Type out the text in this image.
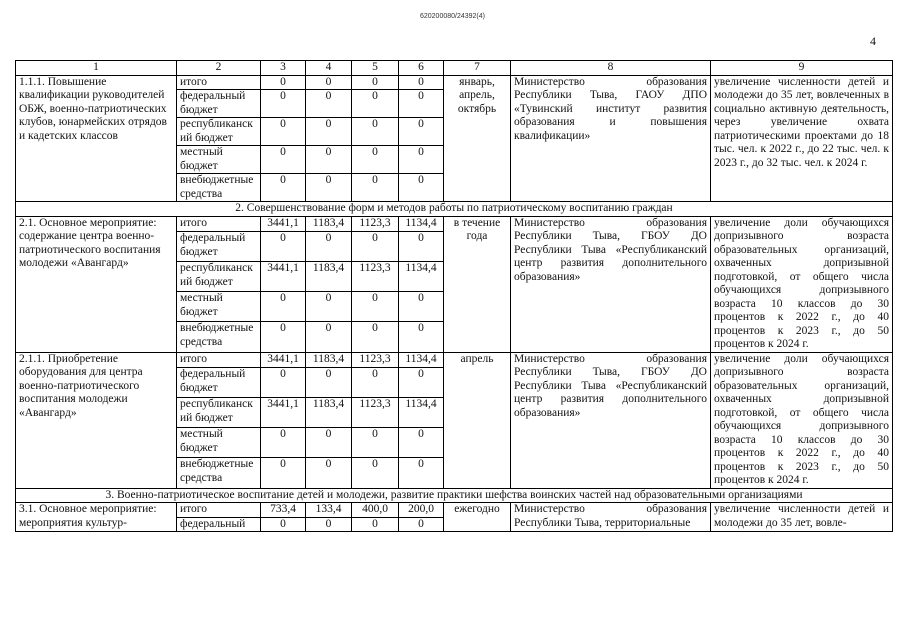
620200080/24392(4)
4
1	2	3	4	5	6	7	8	9
1.1.1. Повышение квалификации руководителей ОБЖ, военно-патриотических клубов, юнармейских отрядов и кадетских классов	итого	0	0	0	0	январь, апрель, октябрь	Министерство образования Республики Тыва, ГАОУ ДПО «Тувинский институт развития образования и повышения квалификации»	увеличение численности детей и молодежи до 35 лет, вовлеченных в социально активную деятельность, через увеличение охвата патриотическими проектами до 18 тыс. чел. к 2022 г., до 22 тыс. чел. к 2023 г., до 32 тыс. чел. к 2024 г.
	федеральный бюджет	0	0	0	0			
	республиканский бюджет	0	0	0	0			
	местный бюджет	0	0	0	0			
	внебюджетные средства	0	0	0	0			
2. Совершенствование форм и методов работы по патриотическому воспитанию граждан								
2.1. Основное мероприятие: содержание центра военно-патриотического воспитания молодежи «Авангард»	итого	3441,1	1183,4	1123,3	1134,4	в течение года	Министерство образования Республики Тыва, ГБОУ ДО Республики Тыва «Республиканский центр развития дополнительного образования»	увеличение доли обучающихся допризывного возраста образовательных организаций, охваченных допризывной подготовкой, от общего числа обучающихся допризывного возраста 10 классов до 30 процентов к 2022 г., до 40 процентов к 2023 г., до 50 процентов к 2024 г.
	федеральный бюджет	0	0	0	0			
	республиканский бюджет	3441,1	1183,4	1123,3	1134,4			
	местный бюджет	0	0	0	0			
	внебюджетные средства	0	0	0	0			
2.1.1. Приобретение оборудования для центра военно-патриотического воспитания молодежи «Авангард»	итого	3441,1	1183,4	1123,3	1134,4	апрель	Министерство образования Республики Тыва, ГБОУ ДО Республики Тыва «Республиканский центр развития дополнительного образования»	увеличение доли обучающихся допризывного возраста образовательных организаций, охваченных допризывной подготовкой, от общего числа обучающихся допризывного возраста 10 классов до 30 процентов к 2022 г., до 40 процентов к 2023 г., до 50 процентов к 2024 г.
	федеральный бюджет	0	0	0	0			
	республиканский бюджет	3441,1	1183,4	1123,3	1134,4			
	местный бюджет	0	0	0	0			
	внебюджетные средства	0	0	0	0			
3. Военно-патриотическое воспитание детей и молодежи, развитие практики шефства воинских частей над образовательными организациями								
3.1. Основное мероприятие: мероприятия культур-	итого	733,4	133,4	400,0	200,0	ежегодно	Министерство образования Республики Тыва, территориальные	увеличение численности детей и молодежи до 35 лет, вовле-
	федеральный	0	0	0	0			
